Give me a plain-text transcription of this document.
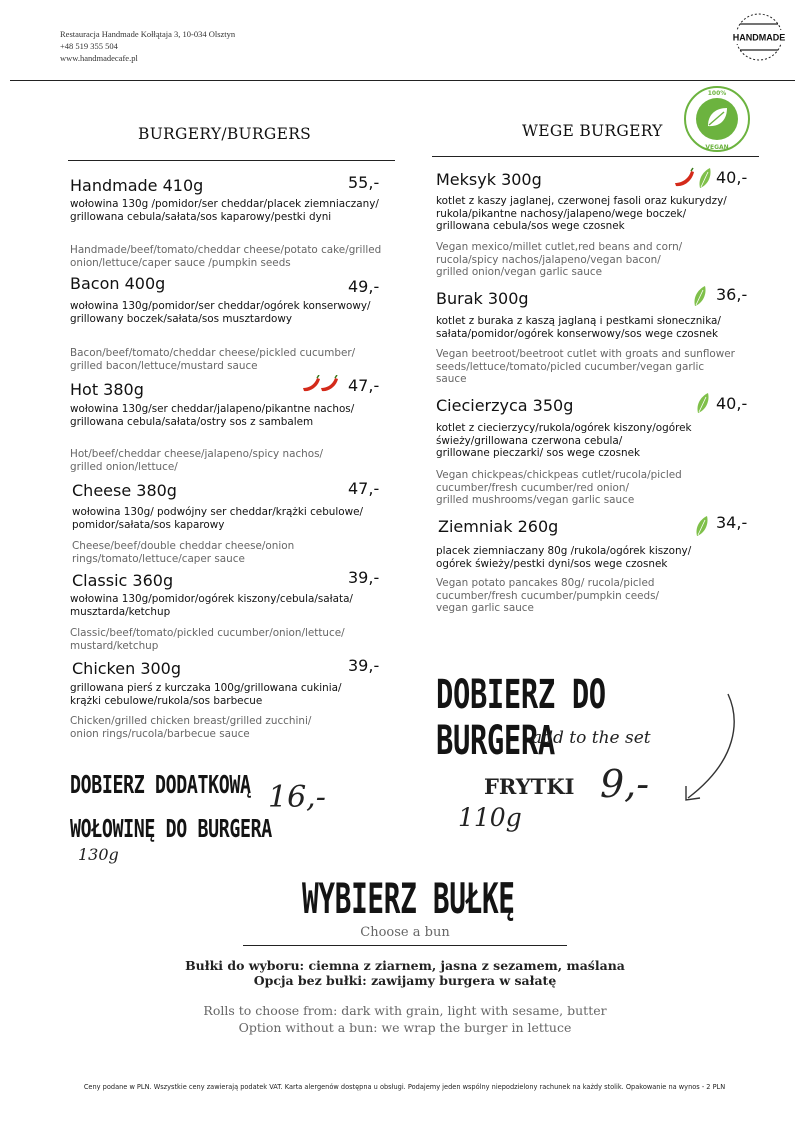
Restauracja Handmade Kołłątaja 3, 10-034 Olsztyn
+48 519 355 504
www.handmadecafe.pl
HANDMADE
BURGERY/BURGERS	WEGE BURGERY
100%
VEGAN
Handmade 410g	55,-
wołowina 130g /pomidor/ser cheddar/placek ziemniaczany/
grillowana cebula/sałata/sos kaparowy/pestki dyni
Handmade/beef/tomato/cheddar cheese/potato cake/grilled onion/lettuce/caper sauce /pumpkin seeds
Bacon 400g	49,-
wołowina 130g/pomidor/ser cheddar/ogórek konserwowy/
grillowany boczek/sałata/sos musztardowy
Bacon/beef/tomato/cheddar cheese/pickled cucumber/
grilled bacon/lettuce/mustard sauce
Hot 380g	47,-
wołowina 130g/ser cheddar/jalapeno/pikantne nachos/
grillowana cebula/sałata/ostry sos z sambalem
Hot/beef/cheddar cheese/jalapeno/spicy nachos/
grilled onion/lettuce/
Cheese 380g	47,-
wołowina 130g/ podwójny ser cheddar/krążki cebulowe/
pomidor/sałata/sos kaparowy
Cheese/beef/double cheddar cheese/onion
rings/tomato/lettuce/caper sauce
Classic 360g	39,-
wołowina 130g/pomidor/ogórek kiszony/cebula/sałata/
musztarda/ketchup
Classic/beef/tomato/pickled cucumber/onion/lettuce/
mustard/ketchup
Chicken 300g	39,-
grillowana pierś z kurczaka 100g/grillowana cukinia/
krążki cebulowe/rukola/sos barbecue
Chicken/grilled chicken breast/grilled zucchini/
onion rings/rucola/barbecue sauce
Meksyk 300g	40,-
kotlet z kaszy jaglanej, czerwonej fasoli oraz kukurydzy/
rukola/pikantne nachosy/jalapeno/wege boczek/
grillowana cebula/sos wege czosnek
Vegan mexico/millet cutlet,red beans and corn/
rucola/spicy nachos/jalapeno/vegan bacon/
grilled onion/vegan garlic sauce
Burak 300g	36,-
kotlet z buraka z kaszą jaglaną i pestkami słonecznika/
sałata/pomidor/ogórek konserwowy/sos wege czosnek
Vegan beetroot/beetroot cutlet with groats and sunflower
seeds/lettuce/tomato/picled cucumber/vegan garlic
sauce
Ciecierzyca 350g	40,-
kotlet z ciecierzycy/rukola/ogórek kiszony/ogórek
świeży/grillowana czerwona cebula/
grillowane pieczarki/ sos wege czosnek
Vegan chickpeas/chickpeas cutlet/rucola/picled
cucumber/fresh cucumber/red onion/
grilled mushrooms/vegan garlic sauce
Ziemniak 260g	34,-
placek ziemniaczany 80g /rukola/ogórek kiszony/
ogórek świeży/pestki dyni/sos wege czosnek
Vegan potato pancakes 80g/ rucola/picled
cucumber/fresh cucumber/pumpkin ceeds/
vegan garlic sauce
DOBIERZ DO BURGERA
add to the set
DOBIERZ DODATKOWĄ
WOŁOWINĘ DO BURGERA
16,-
130g
FRYTKI 9,-
110g
WYBIERZ BUŁKĘ
Choose a bun
Bułki do wyboru: ciemna z ziarnem, jasna z sezamem, maślana
Opcja bez bułki: zawijamy burgera w sałatę
Rolls to choose from: dark with grain, light with sesame, butter
Option without a bun: we wrap the burger in lettuce
Ceny podane w PLN. Wszystkie ceny zawierają podatek VAT. Karta alergenów dostępna u obsługi. Podajemy jeden wspólny niepodzielony rachunek na każdy stolik. Opakowanie na wynos - 2 PLN
